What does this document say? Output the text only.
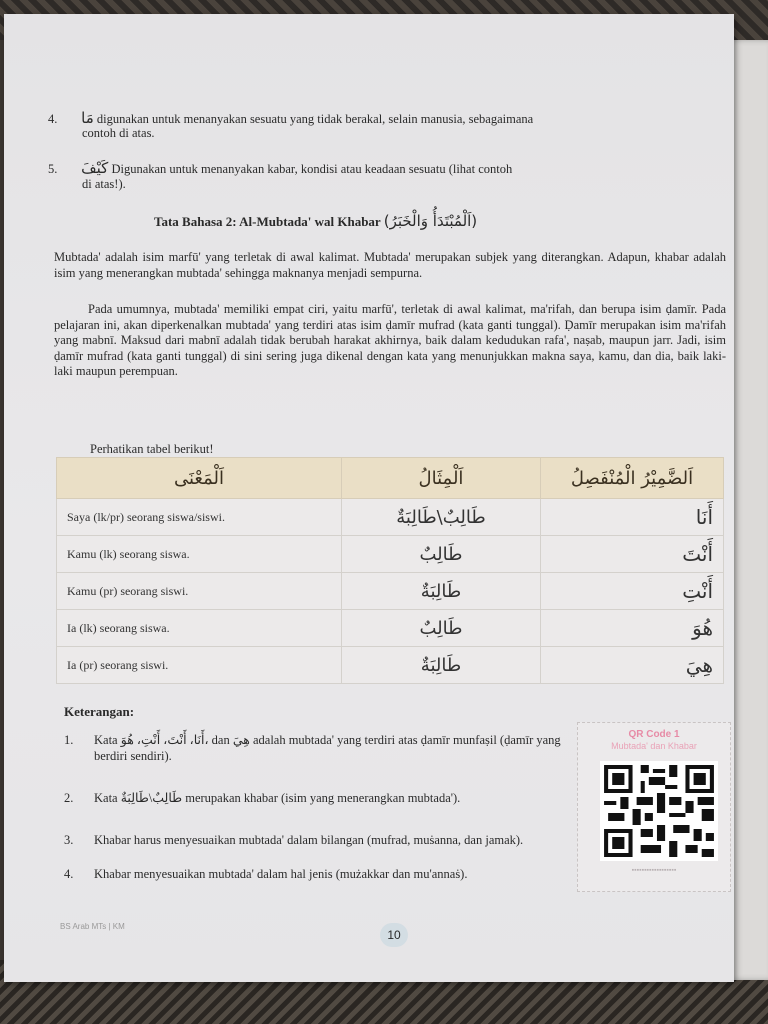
4. مَا digunakan untuk menanyakan sesuatu yang tidak berakal, selain manusia, sebagaimana
contoh di atas.
5. كَيْفَ Digunakan untuk menanyakan kabar, kondisi atau keadaan sesuatu (lihat contoh
di atas!).
Tata Bahasa 2: Al-Mubtada' wal Khabar (اَلْمُبْتَدَأُ وَالْخَبَرُ)

Mubtada' adalah isim marfū' yang terletak di awal kalimat. Mubtada' merupakan subjek yang diterangkan. Adapun, khabar adalah isim yang menerangkan mubtada' sehingga maknanya menjadi sempurna.

Pada umumnya, mubtada' memiliki empat ciri, yaitu marfū', terletak di awal kalimat, ma'rifah, dan berupa isim ḍamīr. Pada pelajaran ini, akan diperkenalkan mubtada' yang terdiri atas isim ḍamīr mufrad (kata ganti tunggal). Ḍamīr merupakan isim ma'rifah yang mabnī. Maksud dari mabnī adalah tidak berubah harakat akhirnya, baik dalam kedudukan rafa', naṣab, maupun jarr. Jadi, isim ḍamīr mufrad (kata ganti tunggal) di sini sering juga dikenal dengan kata yang menunjukkan makna saya, kamu, dan dia, baik laki-laki maupun perempuan.

Perhatikan tabel berikut!
اَلْمَعْنَى	اَلْمِثَالُ	اَلضَّمِيْرُ الْمُنْفَصِلُ
Saya (lk/pr) seorang siswa/siswi.	طَالِبٌ\طَالِبَةٌ	أَنَا
Kamu (lk) seorang siswa.	طَالِبٌ	أَنْتَ
Kamu (pr) seorang siswi.	طَالِبَةٌ	أَنْتِ
Ia (lk) seorang siswa.	طَالِبٌ	هُوَ
Ia (pr) seorang siswi.	طَالِبَةٌ	هِيَ
Keterangan:
1. Kata أَنَا، أَنْتَ، أَنْتِ، هُوَ، dan هِيَ adalah mubtada' yang terdiri atas ḍamīr munfaṣil (ḍamīr yang berdiri sendiri).
2. Kata طَالِبٌ\طَالِبَةٌ merupakan khabar (isim yang menerangkan mubtada').
3. Khabar harus menyesuaikan mubtada' dalam bilangan (mufrad, muṡanna, dan jamak).
4. Khabar menyesuaikan mubtada' dalam hal jenis (mużakkar dan mu'annaṡ).
QR Code 1
Mubtada' dan Khabar
▪▪▪▪▪▪▪▪▪▪▪▪▪▪▪▪▪▪
BS Arab MTs | KM
10
